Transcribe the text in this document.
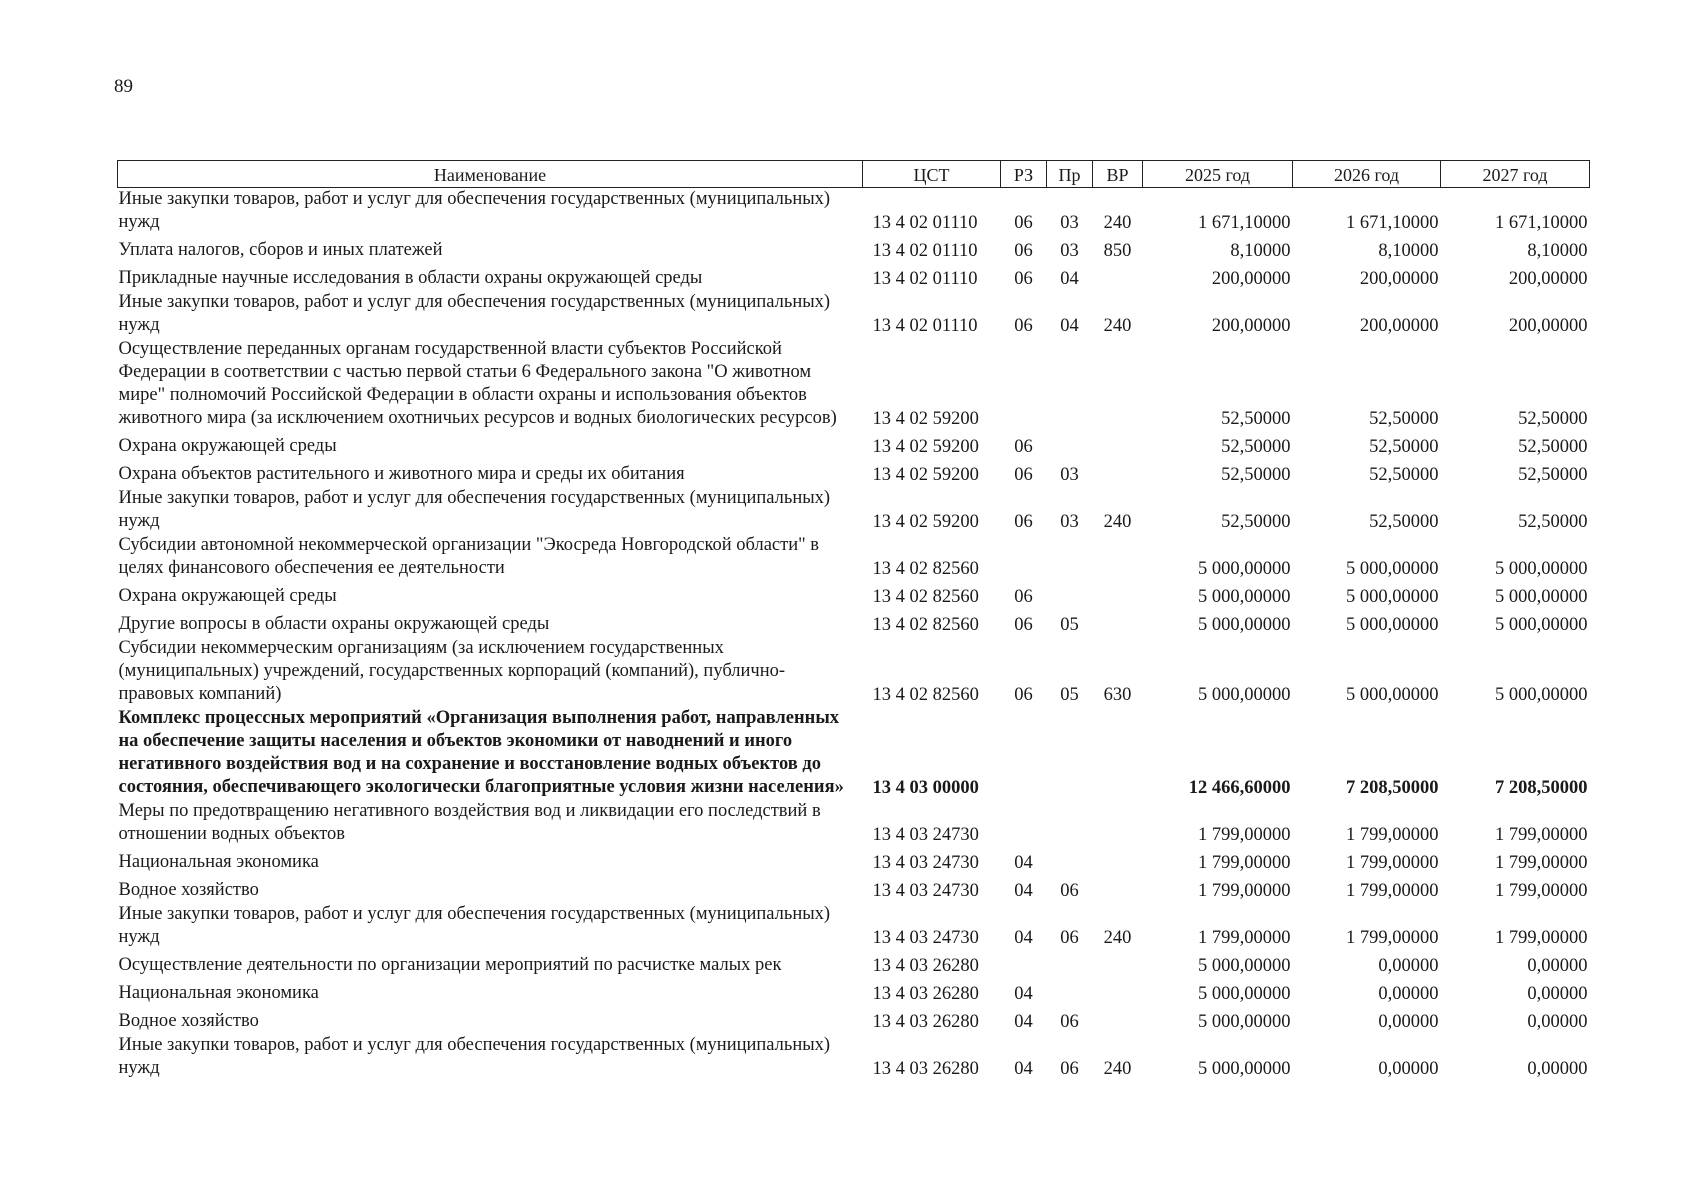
89
Наименование	ЦСТ	РЗ	Пр	ВР	2025 год	2026 год	2027 год
Иные закупки товаров, работ и услуг для обеспечения государственных (муниципальных) нужд	13 4 02 01110	06	03	240	1 671,10000	1 671,10000	1 671,10000
Уплата налогов, сборов и иных платежей	13 4 02 01110	06	03	850	8,10000	8,10000	8,10000
Прикладные научные исследования в области охраны окружающей среды	13 4 02 01110	06	04		200,00000	200,00000	200,00000
Иные закупки товаров, работ и услуг для обеспечения государственных (муниципальных) нужд	13 4 02 01110	06	04	240	200,00000	200,00000	200,00000
Осуществление переданных органам государственной власти субъектов Российской Федерации в соответствии с частью первой статьи 6 Федерального закона "О животном мире" полномочий Российской Федерации в области охраны и использования объектов животного мира (за исключением охотничьих ресурсов и водных биологических ресурсов)	13 4 02 59200				52,50000	52,50000	52,50000
Охрана окружающей среды	13 4 02 59200	06			52,50000	52,50000	52,50000
Охрана объектов растительного и животного мира и среды их обитания	13 4 02 59200	06	03		52,50000	52,50000	52,50000
Иные закупки товаров, работ и услуг для обеспечения государственных (муниципальных) нужд	13 4 02 59200	06	03	240	52,50000	52,50000	52,50000
Субсидии автономной некоммерческой организации "Экосреда Новгородской области" в целях финансового обеспечения ее деятельности	13 4 02 82560				5 000,00000	5 000,00000	5 000,00000
Охрана окружающей среды	13 4 02 82560	06			5 000,00000	5 000,00000	5 000,00000
Другие вопросы в области охраны окружающей среды	13 4 02 82560	06	05		5 000,00000	5 000,00000	5 000,00000
Субсидии некоммерческим организациям (за исключением государственных (муниципальных) учреждений, государственных корпораций (компаний), публично-правовых компаний)	13 4 02 82560	06	05	630	5 000,00000	5 000,00000	5 000,00000
Комплекс процессных мероприятий «Организация выполнения работ, направленных на обеспечение защиты населения и объектов экономики от наводнений и иного негативного воздействия вод и на сохранение и восстановление водных объектов до состояния, обеспечивающего экологически благоприятные условия жизни населения»	13 4 03 00000				12 466,60000	7 208,50000	7 208,50000
Меры по предотвращению негативного воздействия вод и ликвидации его последствий в отношении водных объектов	13 4 03 24730				1 799,00000	1 799,00000	1 799,00000
Национальная экономика	13 4 03 24730	04			1 799,00000	1 799,00000	1 799,00000
Водное хозяйство	13 4 03 24730	04	06		1 799,00000	1 799,00000	1 799,00000
Иные закупки товаров, работ и услуг для обеспечения государственных (муниципальных) нужд	13 4 03 24730	04	06	240	1 799,00000	1 799,00000	1 799,00000
Осуществление деятельности по организации мероприятий по расчистке малых рек	13 4 03 26280				5 000,00000	0,00000	0,00000
Национальная экономика	13 4 03 26280	04			5 000,00000	0,00000	0,00000
Водное хозяйство	13 4 03 26280	04	06		5 000,00000	0,00000	0,00000
Иные закупки товаров, работ и услуг для обеспечения государственных (муниципальных) нужд	13 4 03 26280	04	06	240	5 000,00000	0,00000	0,00000
